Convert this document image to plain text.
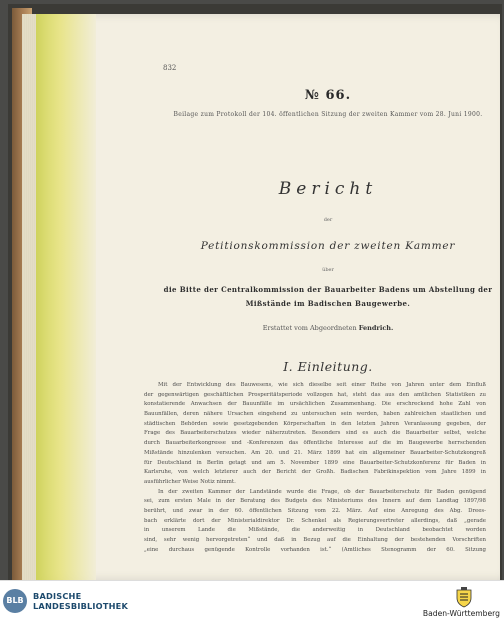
832
№ 66.
Beilage zum Protokoll der 104. öffentlichen Sitzung der zweiten Kammer vom 28. Juni 1900.
Bericht
der
Petitionskommission der zweiten Kammer
über
die Bitte der Centralkommission der Bauarbeiter Badens um Abstellung der
Mißstände im Badischen Baugewerbe.
Erstattet vom Abgeordneten Fendrich.
I. Einleitung.
Mit der Entwicklung des Bauwesens, wie sich dieselbe seit einer Reihe von Jahren unter dem Einfluß
der gegenwärtigen geschäftlichen Prosperitätsperiode vollzogen hat, steht das aus den amtlichen Statistiken zu
konstatierende Anwachsen der Bauunfälle im ursächlichen Zusammenhang. Die erschreckend hohe Zahl von
Bauunfällen, deren nähere Ursachen eingehend zu untersuchen sein werden, haben zahlreichen staatlichen und
städtischen Behörden sowie gesetzgebenden Körperschaften in den letzten Jahren Veranlassung gegeben, der
Frage des Bauarbeiterschutzes wieder näherzutreten. Besonders sind es auch die Bauarbeiter selbst, welche
durch Bauarbeiterkongresse und -Konferenzen das öffentliche Interesse auf die im Baugewerbe herrschenden
Mißstände hinzulenken versuchen. Am 20. und 21. März 1899 hat ein allgemeiner Bauarbeiter-Schutzkongreß
für Deutschland in Berlin getagt und am 5. November 1899 eine Bauarbeiter-Schutzkonferenz für Baden in
Karlsruhe, von welch letzterer auch der Bericht der Großh. Badischen Fabrikinspektion vom Jahre 1899 in
ausführlicher Weise Notiz nimmt.
In der zweiten Kammer der Landstände wurde die Frage, ob der Bauarbeiterschutz für Baden genügend
sei, zum ersten Male in der Beratung des Budgets des Ministeriums des Innern auf dem Landtag 1897/98
berührt, und zwar in der 60. öffentlichen Sitzung vom 22. März. Auf eine Anregung des Abg. Drees-
bach erklärte dort der Ministerialdirektor Dr. Schenkel als Regierungsvertreter allerdings, daß „gerade
in unserem Lande die Mißstände, die anderweitig in Deutschland beobachtet worden
sind, sehr wenig hervorgetreten“ und daß in Bezug auf die Einhaltung der bestehenden Vorschriften
„eine durchaus genügende Kontrolle vorhanden ist.“ (Amtliches Stenogramm der 60. Sitzung
BLB	BADISCHE
LANDESBIBLIOTHEK
Baden-Württemberg
